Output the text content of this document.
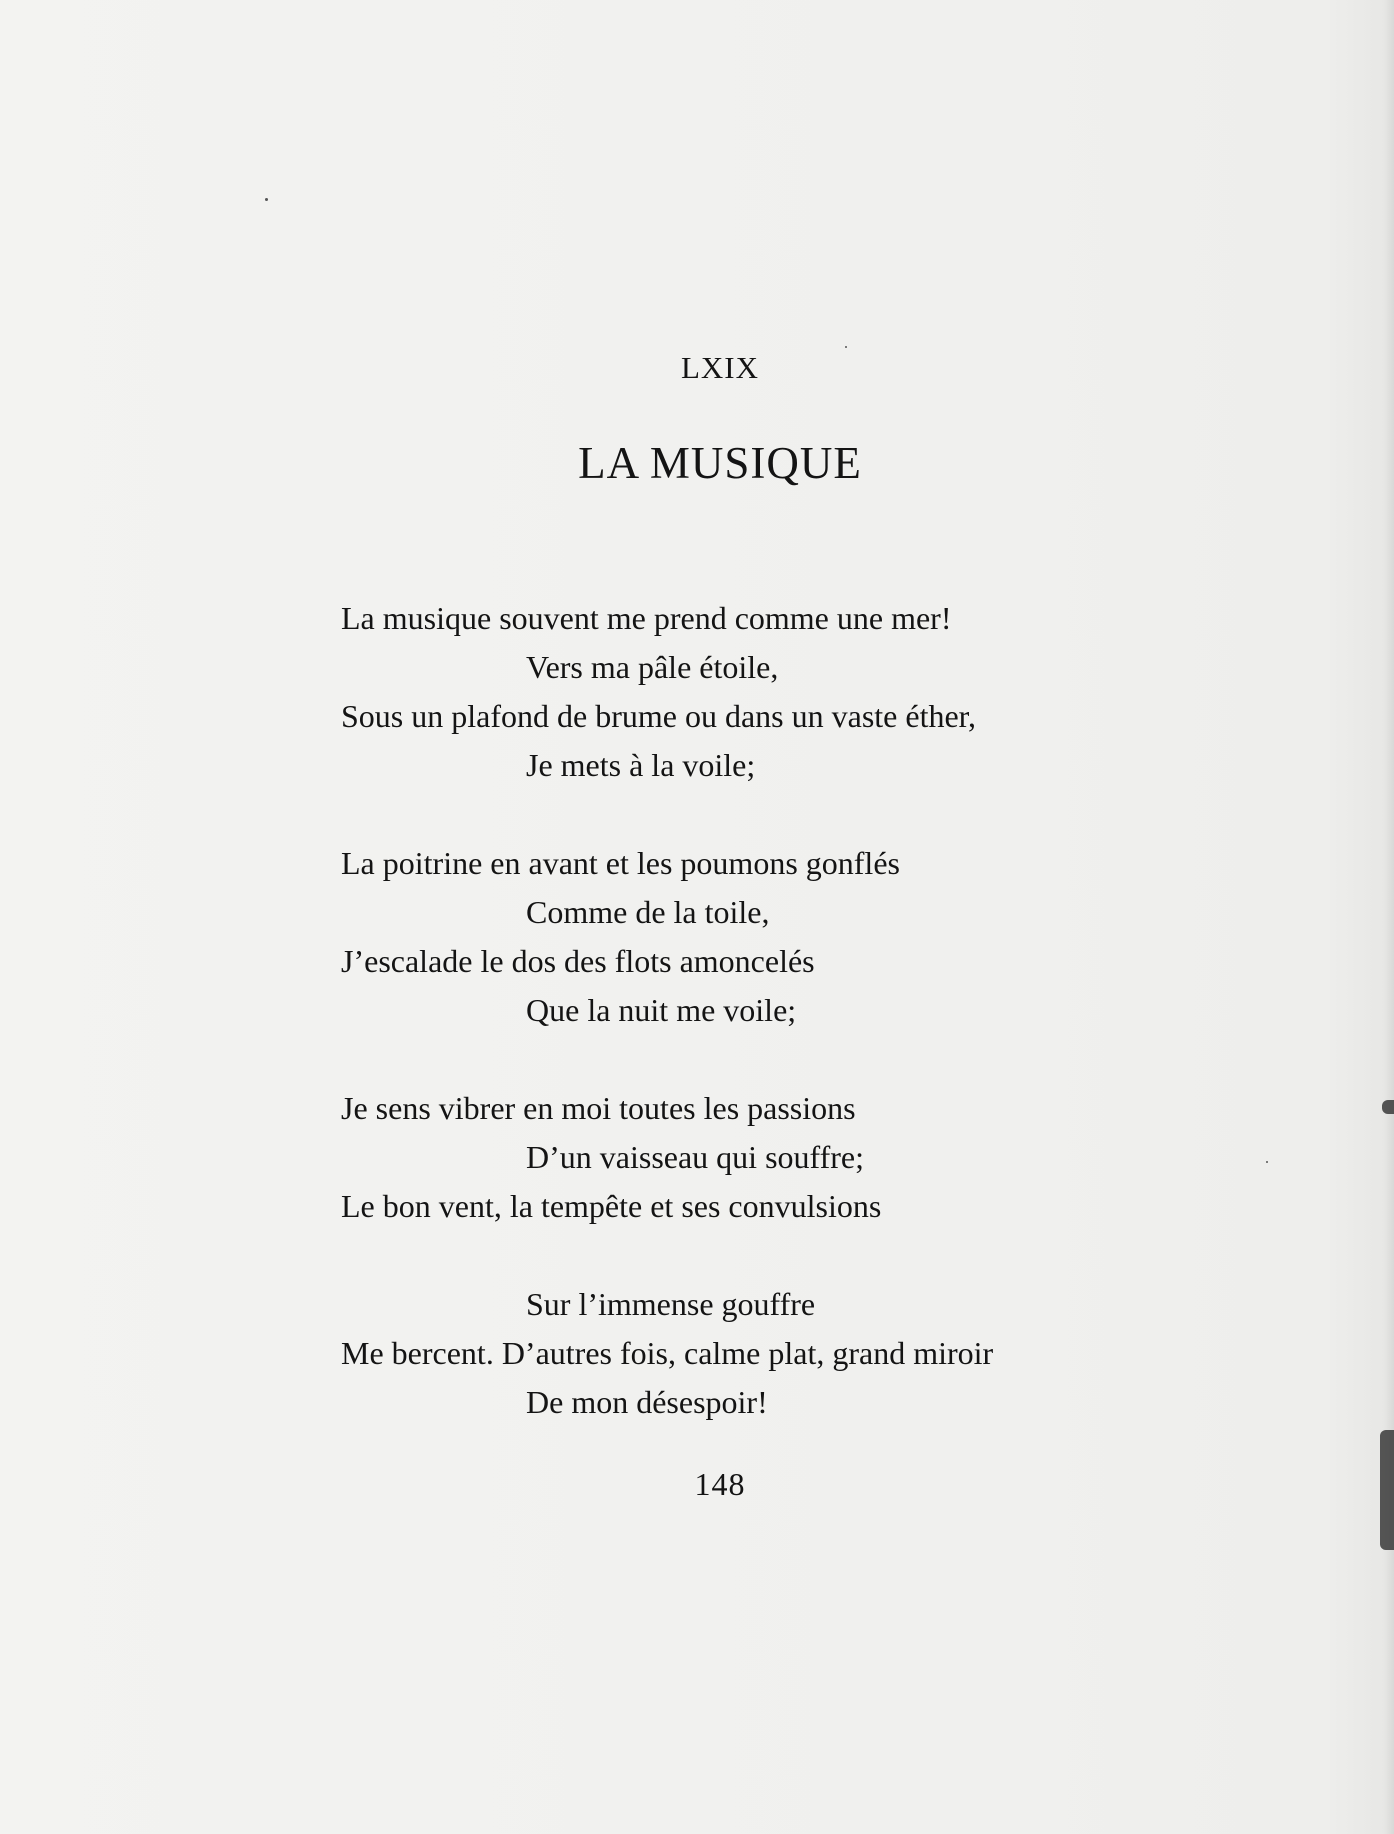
LXIX
LA MUSIQUE
La musique souvent me prend comme une mer!
Vers ma pâle étoile,
Sous un plafond de brume ou dans un vaste éther,
Je mets à la voile;
La poitrine en avant et les poumons gonflés
Comme de la toile,
J’escalade le dos des flots amoncelés
Que la nuit me voile;
Je sens vibrer en moi toutes les passions
D’un vaisseau qui souffre;
Le bon vent, la tempête et ses convulsions
Sur l’immense gouffre
Me bercent. D’autres fois, calme plat, grand miroir
De mon désespoir!
148
